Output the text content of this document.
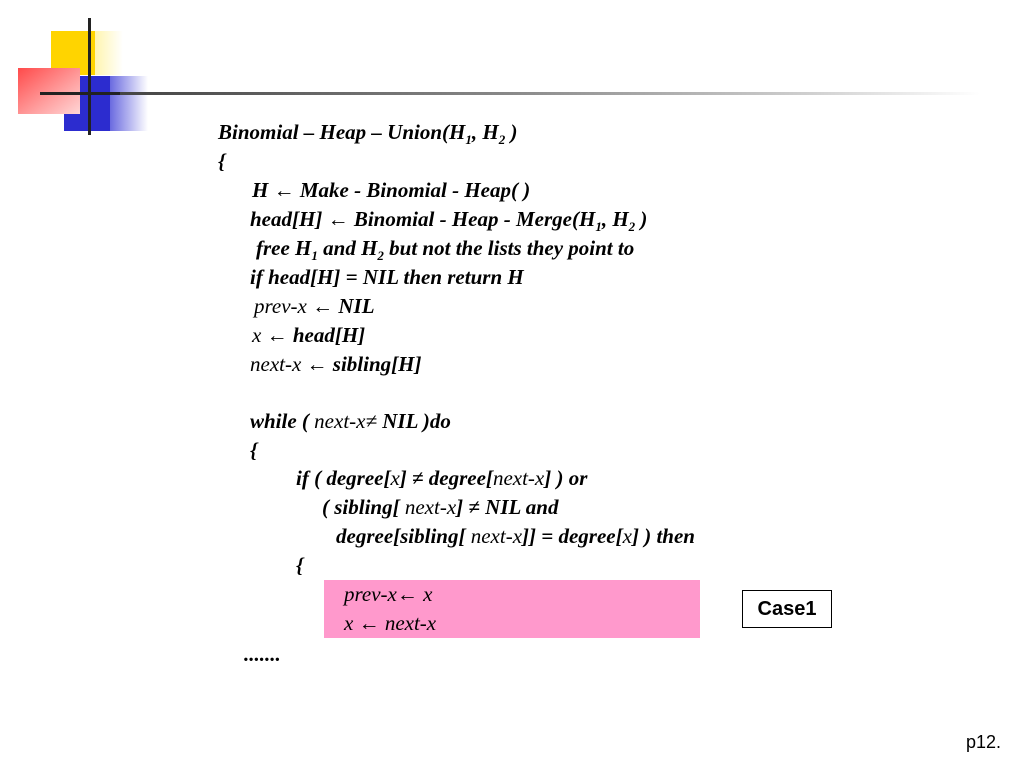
Binomial – Heap – $Union(H_1$, $H_2$ )
{
H ← Make - Binomial - Heap( )
head[H] ← Binomial - Heap - $Merge(H_1$, $H_2$ )
free $H_1$ and $H_2$ but not the lists they point to
if head[H] = NIL then return H
prev-x ← NIL
x ← head[H]
next-x ← sibling[H]
while ( next-x≠ NIL )do
{
if ( degree[x] ≠ degree[next-x] ) or
( sibling[ next-x] ≠ NIL and
degree[sibling[ next-x]] = degree[x] ) then
{
prev-x← x
x ← next-x
Case1
.......
p12.
